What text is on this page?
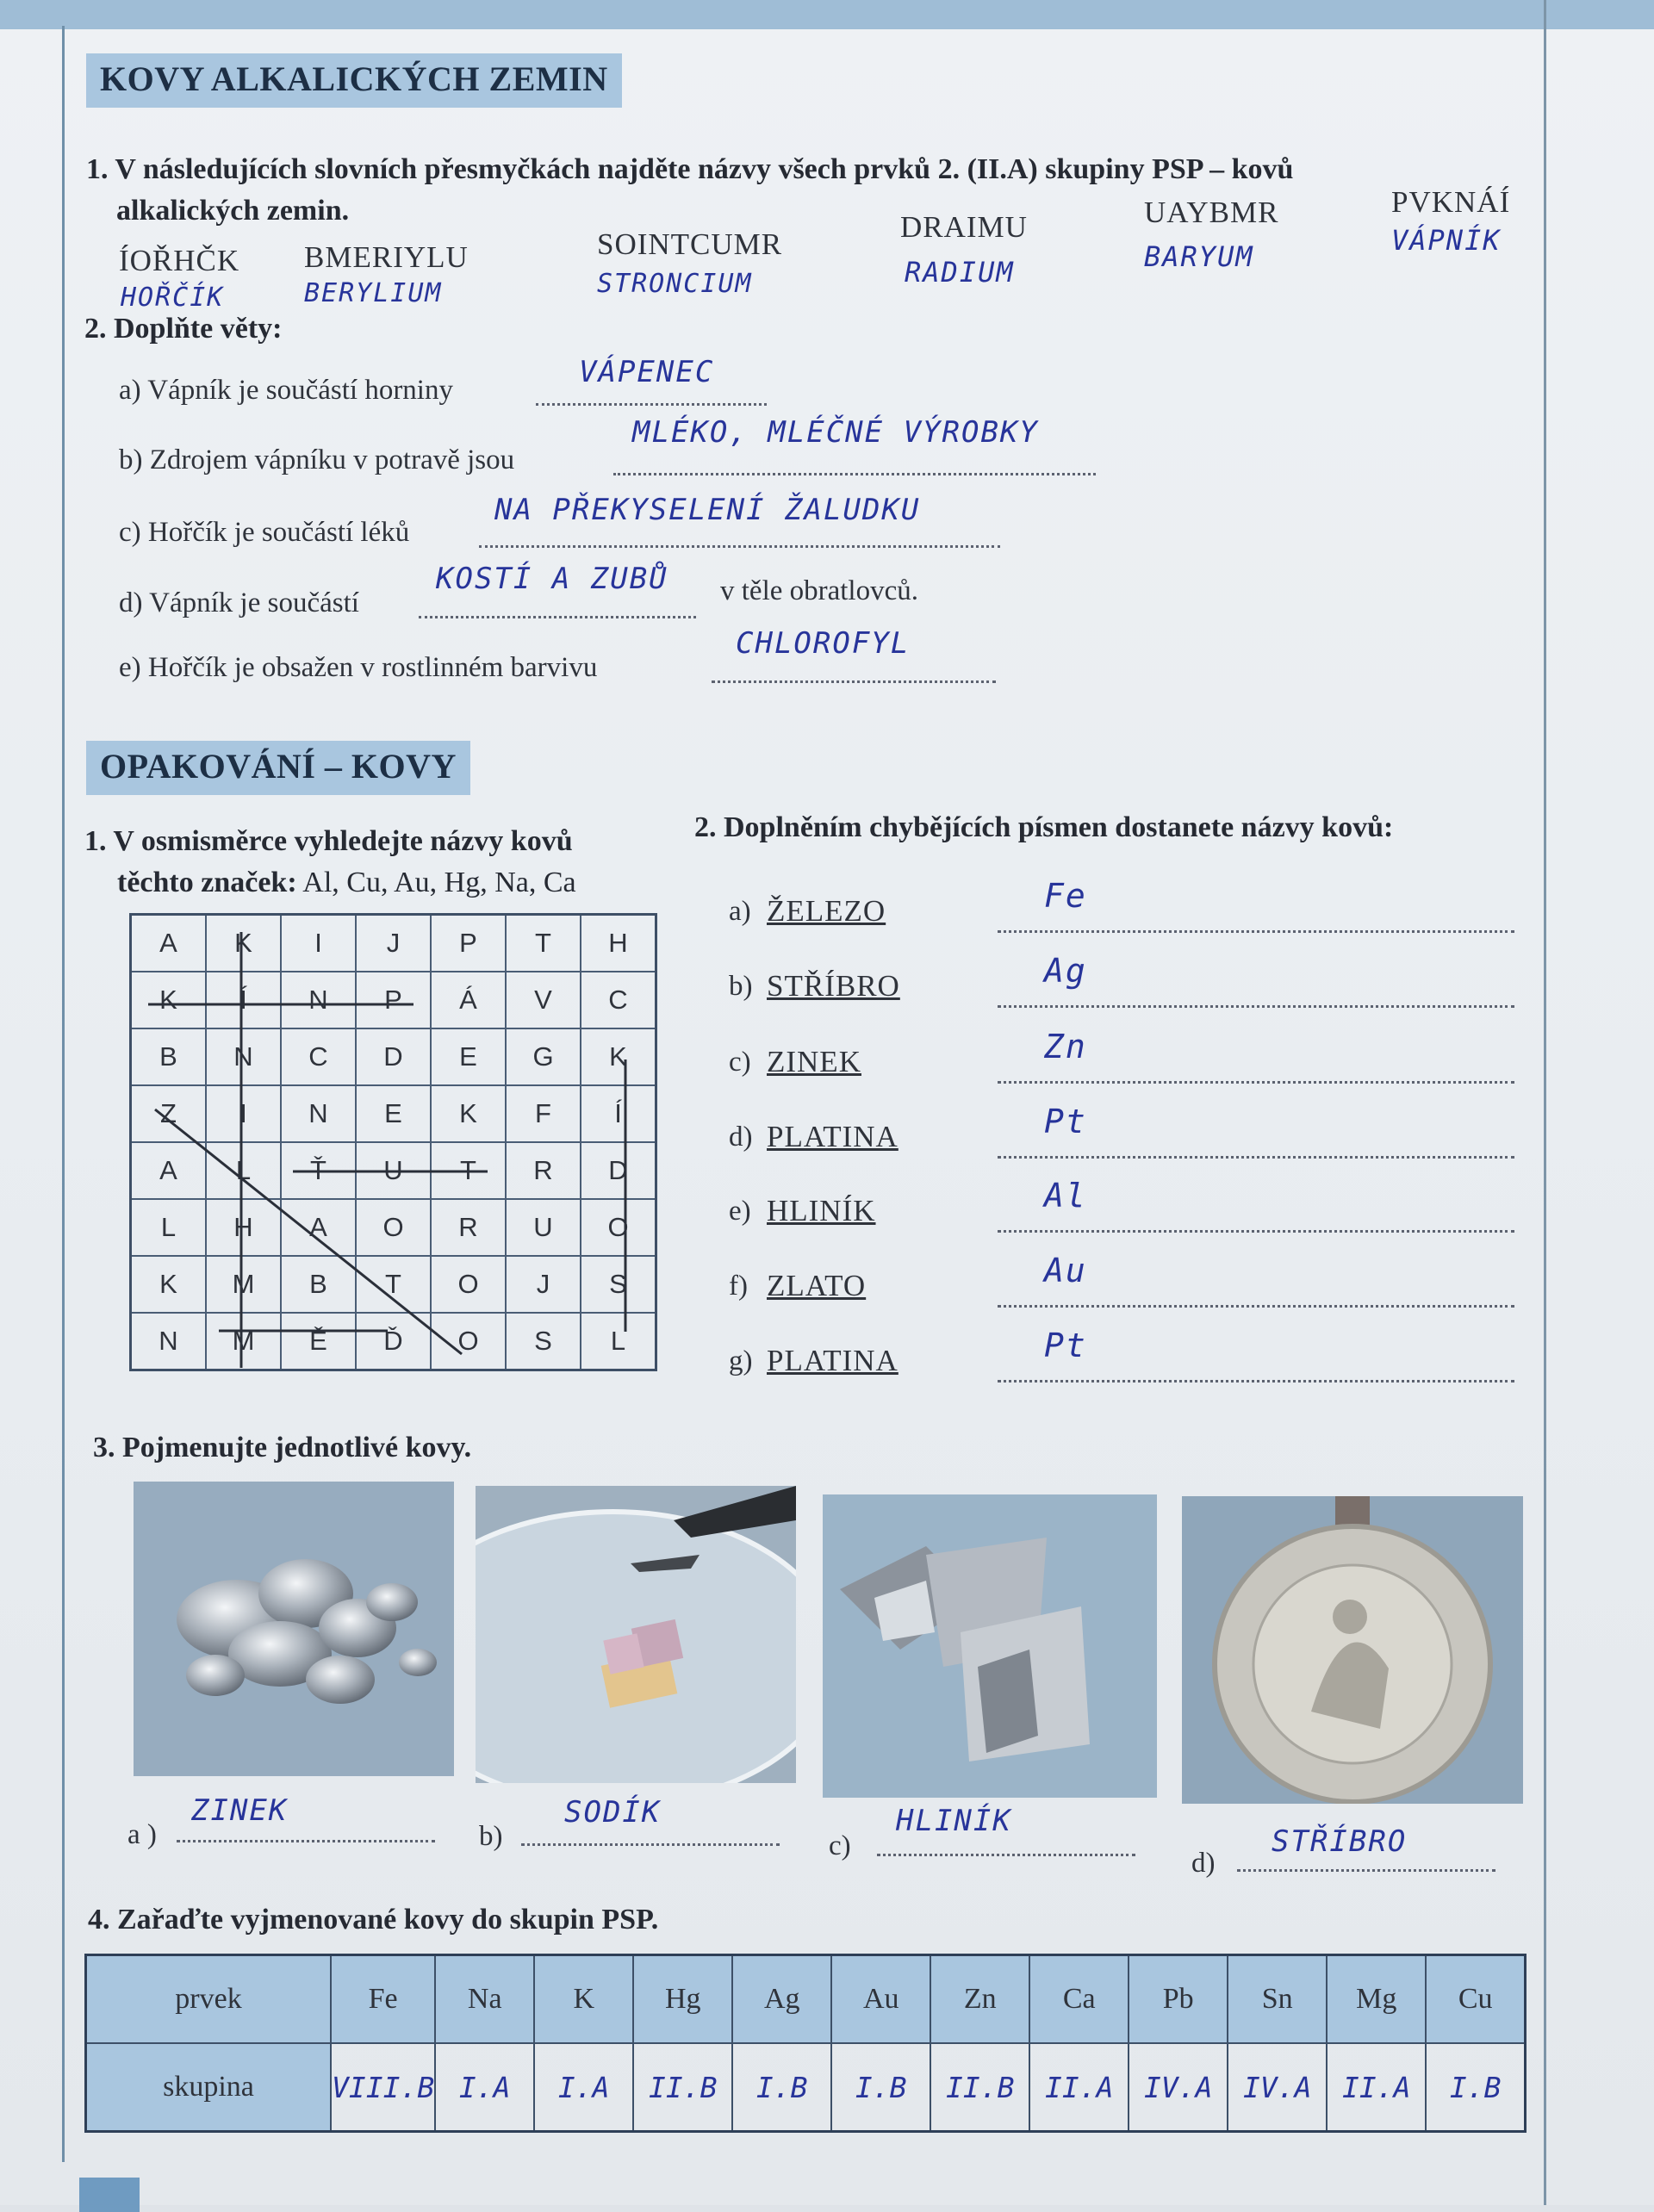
KOVY ALKALICKÝCH ZEMIN
1. V následujících slovních přesmyčkách najděte názvy všech prvků 2. (II.A) skupiny PSP – kovů
alkalických zemin.
ÍOŘHČK
HOŘČÍK
BMERIYLU
BERYLIUM
SOINTCUMR
STRONCIUM
DRAIMU
RADIUM
UAYBMR
BARYUM
PVKNÁÍ
VÁPNÍK
2. Doplňte věty:
a) Vápník je součástí horniny
VÁPENEC
b) Zdrojem vápníku v potravě jsou
MLÉKO, MLÉČNÉ VÝROBKY
c) Hořčík je součástí léků
NA PŘEKYSELENÍ ŽALUDKU
d) Vápník je součástí
KOSTÍ A ZUBŮ v těle obratlovců.
e) Hořčík je obsažen v rostlinném barvivu
CHLOROFYL
OPAKOVÁNÍ – KOVY
1. V osmisměrce vyhledejte názvy kovů
těchto značek: Al, Cu, Au, Hg, Na, Ca
A	K	I	J	P	T	H
K	Í	N	P	Á	V	C
B	N	C	D	E	G	K
Z	I	N	E	K	F	Í
A	L	Ť	U	T	R	D
L	H	A	O	R	U	O
K	M	B	T	O	J	S
N	M	Ě	Ď	O	S	L
2. Doplněním chybějících písmen dostanete názvy kovů:
a) ŽELEZO	Fe
b) STŘÍBRO	Ag
c) ZINEK	Zn
d) PLATINA	Pt
e) HLINÍK	Al
f) ZLATO	Au
g) PLATINA	Pt
3. Pojmenujte jednotlivé kovy.
a )
ZINEK
b)
SODÍK
c)
HLINÍK
d)
STŘÍBRO
4. Zařaďte vyjmenované kovy do skupin PSP.
prvek	Fe	Na	K	Hg	Ag	Au	Zn	Ca	Pb	Sn	Mg	Cu
skupina	VIII.B	I.A	I.A	II.B	I.B	I.B	II.B	II.A	IV.A	IV.A	II.A	I.B
